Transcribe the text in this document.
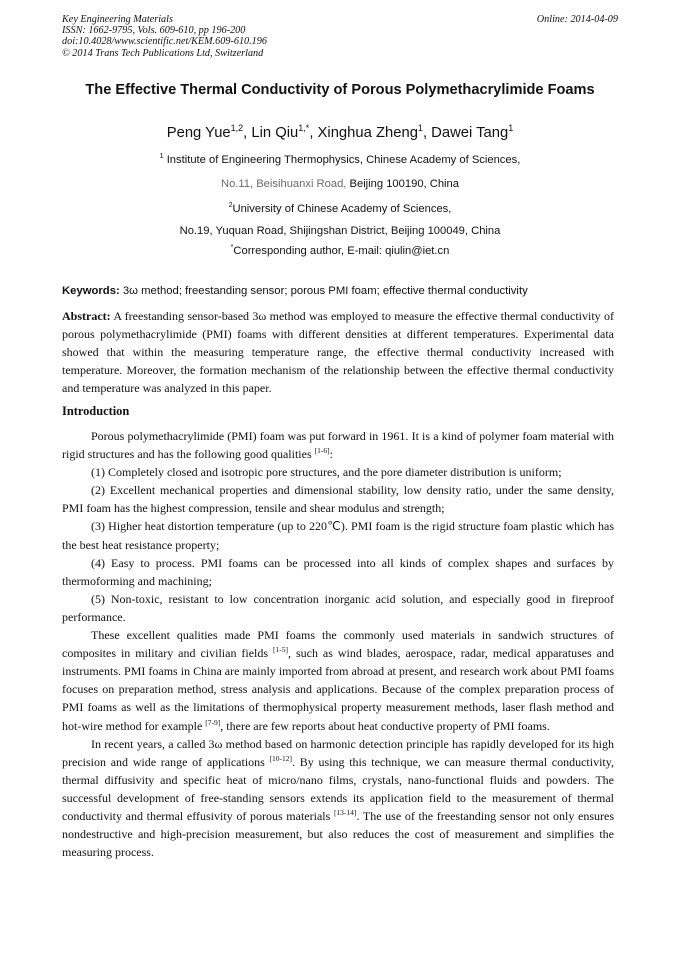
Key Engineering Materials
ISSN: 1662-9795, Vols. 609-610, pp 196-200
doi:10.4028/www.scientific.net/KEM.609-610.196
© 2014 Trans Tech Publications Ltd, Switzerland
Online: 2014-04-09
The Effective Thermal Conductivity of Porous Polymethacrylimide Foams
Peng Yue$^{1,2}$, Lin Qiu$^{1,*}$, Xinghua Zheng$^1$, Dawei Tang$^1$
$^1$ Institute of Engineering Thermophysics, Chinese Academy of Sciences,
No.11, Beisihuanxi Road, Beijing 100190, China
$^2$University of Chinese Academy of Sciences,
No.19, Yuquan Road, Shijingshan District, Beijing 100049, China
*Corresponding author, E-mail: qiulin@iet.cn
Keywords: 3ω method; freestanding sensor; porous PMI foam; effective thermal conductivity

Abstract: A freestanding sensor-based 3ω method was employed to measure the effective thermal conductivity of porous polymethacrylimide (PMI) foams with different densities at different temperatures. Experimental data showed that within the measuring temperature range, the effective thermal conductivity increased with temperature. Moreover, the formation mechanism of the relationship between the effective thermal conductivity and temperature was analyzed in this paper.

Introduction

Porous polymethacrylimide (PMI) foam was put forward in 1961. It is a kind of polymer foam material with rigid structures and has the following good qualities [1-6]:

(1) Completely closed and isotropic pore structures, and the pore diameter distribution is uniform;

(2) Excellent mechanical properties and dimensional stability, low density ratio, under the same density, PMI foam has the highest compression, tensile and shear modulus and strength;

(3) Higher heat distortion temperature (up to 220℃). PMI foam is the rigid structure foam plastic which has the best heat resistance property;

(4) Easy to process. PMI foams can be processed into all kinds of complex shapes and surfaces by thermoforming and machining;

(5) Non-toxic, resistant to low concentration inorganic acid solution, and especially good in fireproof performance.

These excellent qualities made PMI foams the commonly used materials in sandwich structures of composites in military and civilian fields [1-5], such as wind blades, aerospace, radar, medical apparatuses and instruments. PMI foams in China are mainly imported from abroad at present, and research work about PMI foams focuses on preparation method, stress analysis and applications. Because of the complex preparation process of PMI foams as well as the limitations of thermophysical property measurement methods, laser flash method and hot-wire method for example [7-9], there are few reports about heat conductive property of PMI foams.

In recent years, a called 3ω method based on harmonic detection principle has rapidly developed for its high precision and wide range of applications [10-12]. By using this technique, we can measure thermal conductivity, thermal diffusivity and specific heat of micro/nano films, crystals, nano-functional fluids and powders. The successful development of free-standing sensors extends its application field to the measurement of thermal conductivity and thermal effusivity of porous materials [13-14]. The use of the freestanding sensor not only ensures nondestructive and high-precision measurement, but also reduces the cost of measurement and simplifies the measuring process.
